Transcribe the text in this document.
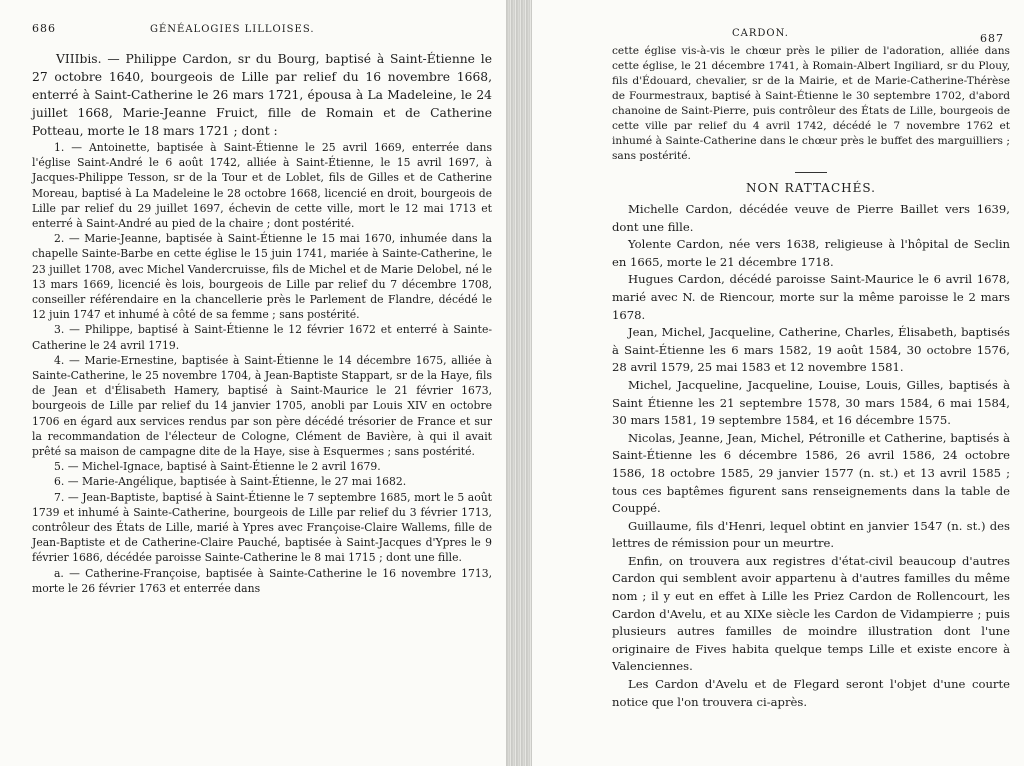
686	GÉNÉALOGIES LILLOISES.

VIIIbis. — Philippe Cardon, sr du Bourg, baptisé à Saint-Étienne le 27 octobre 1640, bourgeois de Lille par relief du 16 novembre 1668, enterré à Saint-Catherine le 26 mars 1721, épousa à La Madeleine, le 24 juillet 1668, Marie-Jeanne Fruict, fille de Romain et de Catherine Potteau, morte le 18 mars 1721 ; dont :

1. — Antoinette, baptisée à Saint-Étienne le 25 avril 1669, enterrée dans l'église Saint-André le 6 août 1742, alliée à Saint-Étienne, le 15 avril 1697, à Jacques-Philippe Tesson, sr de la Tour et de Loblet, fils de Gilles et de Catherine Moreau, baptisé à La Madeleine le 28 octobre 1668, licencié en droit, bourgeois de Lille par relief du 29 juillet 1697, échevin de cette ville, mort le 12 mai 1713 et enterré à Saint-André au pied de la chaire ; dont postérité.

2. — Marie-Jeanne, baptisée à Saint-Étienne le 15 mai 1670, inhumée dans la chapelle Sainte-Barbe en cette église le 15 juin 1741, mariée à Sainte-Catherine, le 23 juillet 1708, avec Michel Vandercruisse, fils de Michel et de Marie Delobel, né le 13 mars 1669, licencié ès lois, bourgeois de Lille par relief du 7 décembre 1708, conseiller référendaire en la chancellerie près le Parlement de Flandre, décédé le 12 juin 1747 et inhumé à côté de sa femme ; sans postérité.

3. — Philippe, baptisé à Saint-Étienne le 12 février 1672 et enterré à Sainte-Catherine le 24 avril 1719.

4. — Marie-Ernestine, baptisée à Saint-Étienne le 14 décembre 1675, alliée à Sainte-Catherine, le 25 novembre 1704, à Jean-Baptiste Stappart, sr de la Haye, fils de Jean et d'Élisabeth Hamery, baptisé à Saint-Maurice le 21 février 1673, bourgeois de Lille par relief du 14 janvier 1705, anobli par Louis XIV en octobre 1706 en égard aux services rendus par son père décédé trésorier de France et sur la recommandation de l'électeur de Cologne, Clément de Bavière, à qui il avait prêté sa maison de campagne dite de la Haye, sise à Esquermes ; sans postérité.

5. — Michel-Ignace, baptisé à Saint-Étienne le 2 avril 1679.

6. — Marie-Angélique, baptisée à Saint-Étienne, le 27 mai 1682.

7. — Jean-Baptiste, baptisé à Saint-Étienne le 7 septembre 1685, mort le 5 août 1739 et inhumé à Sainte-Catherine, bourgeois de Lille par relief du 3 février 1713, contrôleur des États de Lille, marié à Ypres avec Françoise-Claire Wallems, fille de Jean-Baptiste et de Catherine-Claire Pauché, baptisée à Saint-Jacques d'Ypres le 9 février 1686, décédée paroisse Sainte-Catherine le 8 mai 1715 ; dont une fille.

a. — Catherine-Françoise, baptisée à Sainte-Catherine le 16 novembre 1713, morte le 26 février 1763 et enterrée dans

CARDON.	687

cette église vis-à-vis le chœur près le pilier de l'adoration, alliée dans cette église, le 21 décembre 1741, à Romain-Albert Ingiliard, sr du Plouy, fils d'Édouard, chevalier, sr de la Mairie, et de Marie-Catherine-Thérèse de Fourmestraux, baptisé à Saint-Étienne le 30 septembre 1702, d'abord chanoine de Saint-Pierre, puis contrôleur des États de Lille, bourgeois de cette ville par relief du 4 avril 1742, décédé le 7 novembre 1762 et inhumé à Sainte-Catherine dans le chœur près le buffet des marguilliers ; sans postérité.

NON RATTACHÉS.

Michelle Cardon, décédée veuve de Pierre Baillet vers 1639, dont une fille.

Yolente Cardon, née vers 1638, religieuse à l'hôpital de Seclin en 1665, morte le 21 décembre 1718.

Hugues Cardon, décédé paroisse Saint-Maurice le 6 avril 1678, marié avec N. de Riencour, morte sur la même paroisse le 2 mars 1678.

Jean, Michel, Jacqueline, Catherine, Charles, Élisabeth, baptisés à Saint-Étienne les 6 mars 1582, 19 août 1584, 30 octobre 1576, 28 avril 1579, 25 mai 1583 et 12 novembre 1581.

Michel, Jacqueline, Jacqueline, Louise, Louis, Gilles, baptisés à Saint Étienne les 21 septembre 1578, 30 mars 1584, 6 mai 1584, 30 mars 1581, 19 septembre 1584, et 16 décembre 1575.

Nicolas, Jeanne, Jean, Michel, Pétronille et Catherine, baptisés à Saint-Étienne les 6 décembre 1586, 26 avril 1586, 24 octobre 1586, 18 octobre 1585, 29 janvier 1577 (n. st.) et 13 avril 1585 ; tous ces baptêmes figurent sans renseignements dans la table de Couppé.

Guillaume, fils d'Henri, lequel obtint en janvier 1547 (n. st.) des lettres de rémission pour un meurtre.

Enfin, on trouvera aux registres d'état-civil beaucoup d'autres Cardon qui semblent avoir appartenu à d'autres familles du même nom ; il y eut en effet à Lille les Priez Cardon de Rollencourt, les Cardon d'Avelu, et au XIXe siècle les Cardon de Vidampierre ; puis plusieurs autres familles de moindre illustration dont l'une originaire de Fives habita quelque temps Lille et existe encore à Valenciennes.

Les Cardon d'Avelu et de Flegard seront l'objet d'une courte notice que l'on trouvera ci-après.
